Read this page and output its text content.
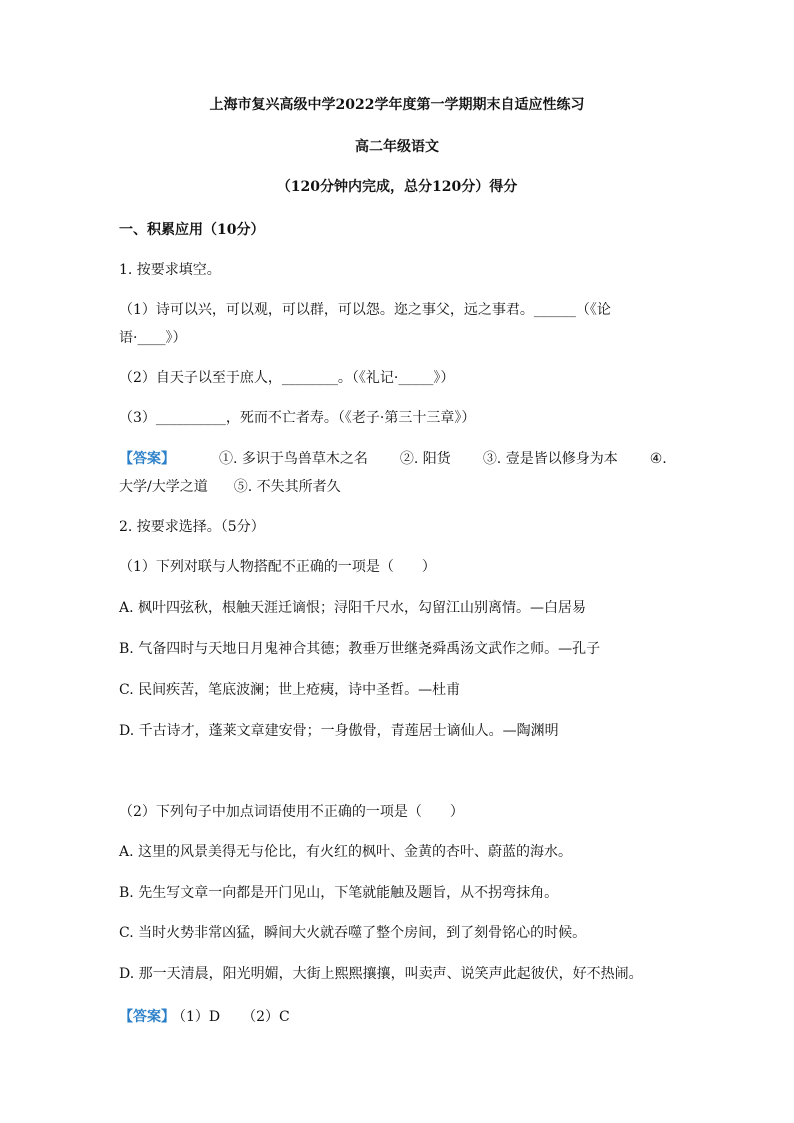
上海市复兴高级中学2022学年度第一学期期末自适应性练习
高二年级语文
（120分钟内完成，总分120分）得分
一、积累应用（10分）
1. 按要求填空。
（1）诗可以兴，可以观，可以群，可以怨。迩之事父，远之事君。______（《论
语·____》）
（2）自天子以至于庶人，________。（《礼记·_____》）
（3）__________，死而不亡者寿。（《老子·第三十三章》）
【答案】	①. 多识于鸟兽草木之名 ②. 阳货 ③. 壹是皆以修身为本 ④.
大学/大学之道 ⑤. 不失其所者久
2. 按要求选择。（5分）
（1）下列对联与人物搭配不正确的一项是（　　）
A. 枫叶四弦秋，根触天涯迁谪恨；浔阳千尺水，勾留江山别离情。—白居易
B. 气备四时与天地日月鬼神合其德；教垂万世继尧舜禹汤文武作之师。—孔子
C. 民间疾苦，笔底波澜；世上疮痍，诗中圣哲。—杜甫
D. 千古诗才，蓬莱文章建安骨；一身傲骨，青莲居士谪仙人。—陶渊明
（2）下列句子中加点词语使用不正确的一项是（　　）
A. 这里的风景美得无与伦比，有火红的枫叶、金黄的杏叶、蔚蓝的海水。
B. 先生写文章一向都是开门见山，下笔就能触及题旨，从不拐弯抹角。
C. 当时火势非常凶猛，瞬间大火就吞噬了整个房间，到了刻骨铭心的时候。
D. 那一天清晨，阳光明媚，大街上熙熙攘攘，叫卖声、说笑声此起彼伏，好不热闹。
【答案】 （1）D （2）C
